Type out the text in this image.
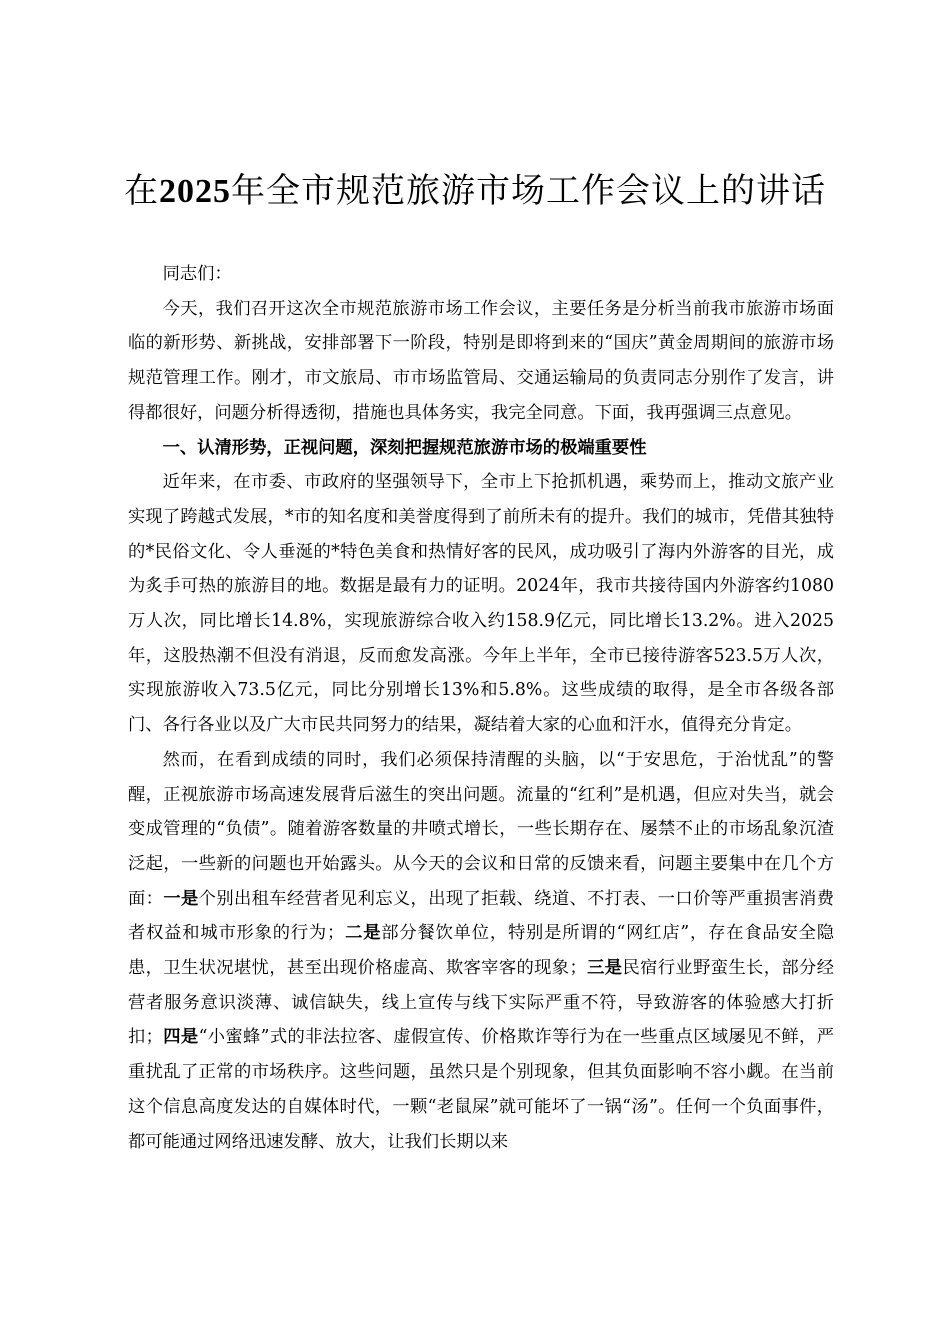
在2025年全市规范旅游市场工作会议上的讲话

同志们：

今天，我们召开这次全市规范旅游市场工作会议，主要任务是分析当前我市旅游市场面临的新形势、新挑战，安排部署下一阶段，特别是即将到来的“国庆”黄金周期间的旅游市场规范管理工作。刚才，市文旅局、市市场监管局、交通运输局的负责同志分别作了发言，讲得都很好，问题分析得透彻，措施也具体务实，我完全同意。下面，我再强调三点意见。

一、认清形势，正视问题，深刻把握规范旅游市场的极端重要性

近年来，在市委、市政府的坚强领导下，全市上下抢抓机遇，乘势而上，推动文旅产业实现了跨越式发展，*市的知名度和美誉度得到了前所未有的提升。我们的城市，凭借其独特的*民俗文化、令人垂涎的*特色美食和热情好客的民风，成功吸引了海内外游客的目光，成为炙手可热的旅游目的地。数据是最有力的证明。2024年，我市共接待国内外游客约1080万人次，同比增长14.8%，实现旅游综合收入约158.9亿元，同比增长13.2%。进入2025年，这股热潮不但没有消退，反而愈发高涨。今年上半年，全市已接待游客523.5万人次，实现旅游收入73.5亿元，同比分别增长13%和5.8%。这些成绩的取得，是全市各级各部门、各行各业以及广大市民共同努力的结果，凝结着大家的心血和汗水，值得充分肯定。

然而，在看到成绩的同时，我们必须保持清醒的头脑，以“于安思危，于治忧乱”的警醒，正视旅游市场高速发展背后滋生的突出问题。流量的“红利”是机遇，但应对失当，就会变成管理的“负债”。随着游客数量的井喷式增长，一些长期存在、屡禁不止的市场乱象沉渣泛起，一些新的问题也开始露头。从今天的会议和日常的反馈来看，问题主要集中在几个方面：一是个别出租车经营者见利忘义，出现了拒载、绕道、不打表、一口价等严重损害消费者权益和城市形象的行为；二是部分餐饮单位，特别是所谓的“网红店”，存在食品安全隐患，卫生状况堪忧，甚至出现价格虚高、欺客宰客的现象；三是民宿行业野蛮生长，部分经营者服务意识淡薄、诚信缺失，线上宣传与线下实际严重不符，导致游客的体验感大打折扣；四是“小蜜蜂”式的非法拉客、虚假宣传、价格欺诈等行为在一些重点区域屡见不鲜，严重扰乱了正常的市场秩序。这些问题，虽然只是个别现象，但其负面影响不容小觑。在当前这个信息高度发达的自媒体时代，一颗“老鼠屎”就可能坏了一锅“汤”。任何一个负面事件，都可能通过网络迅速发酵、放大，让我们长期以来
